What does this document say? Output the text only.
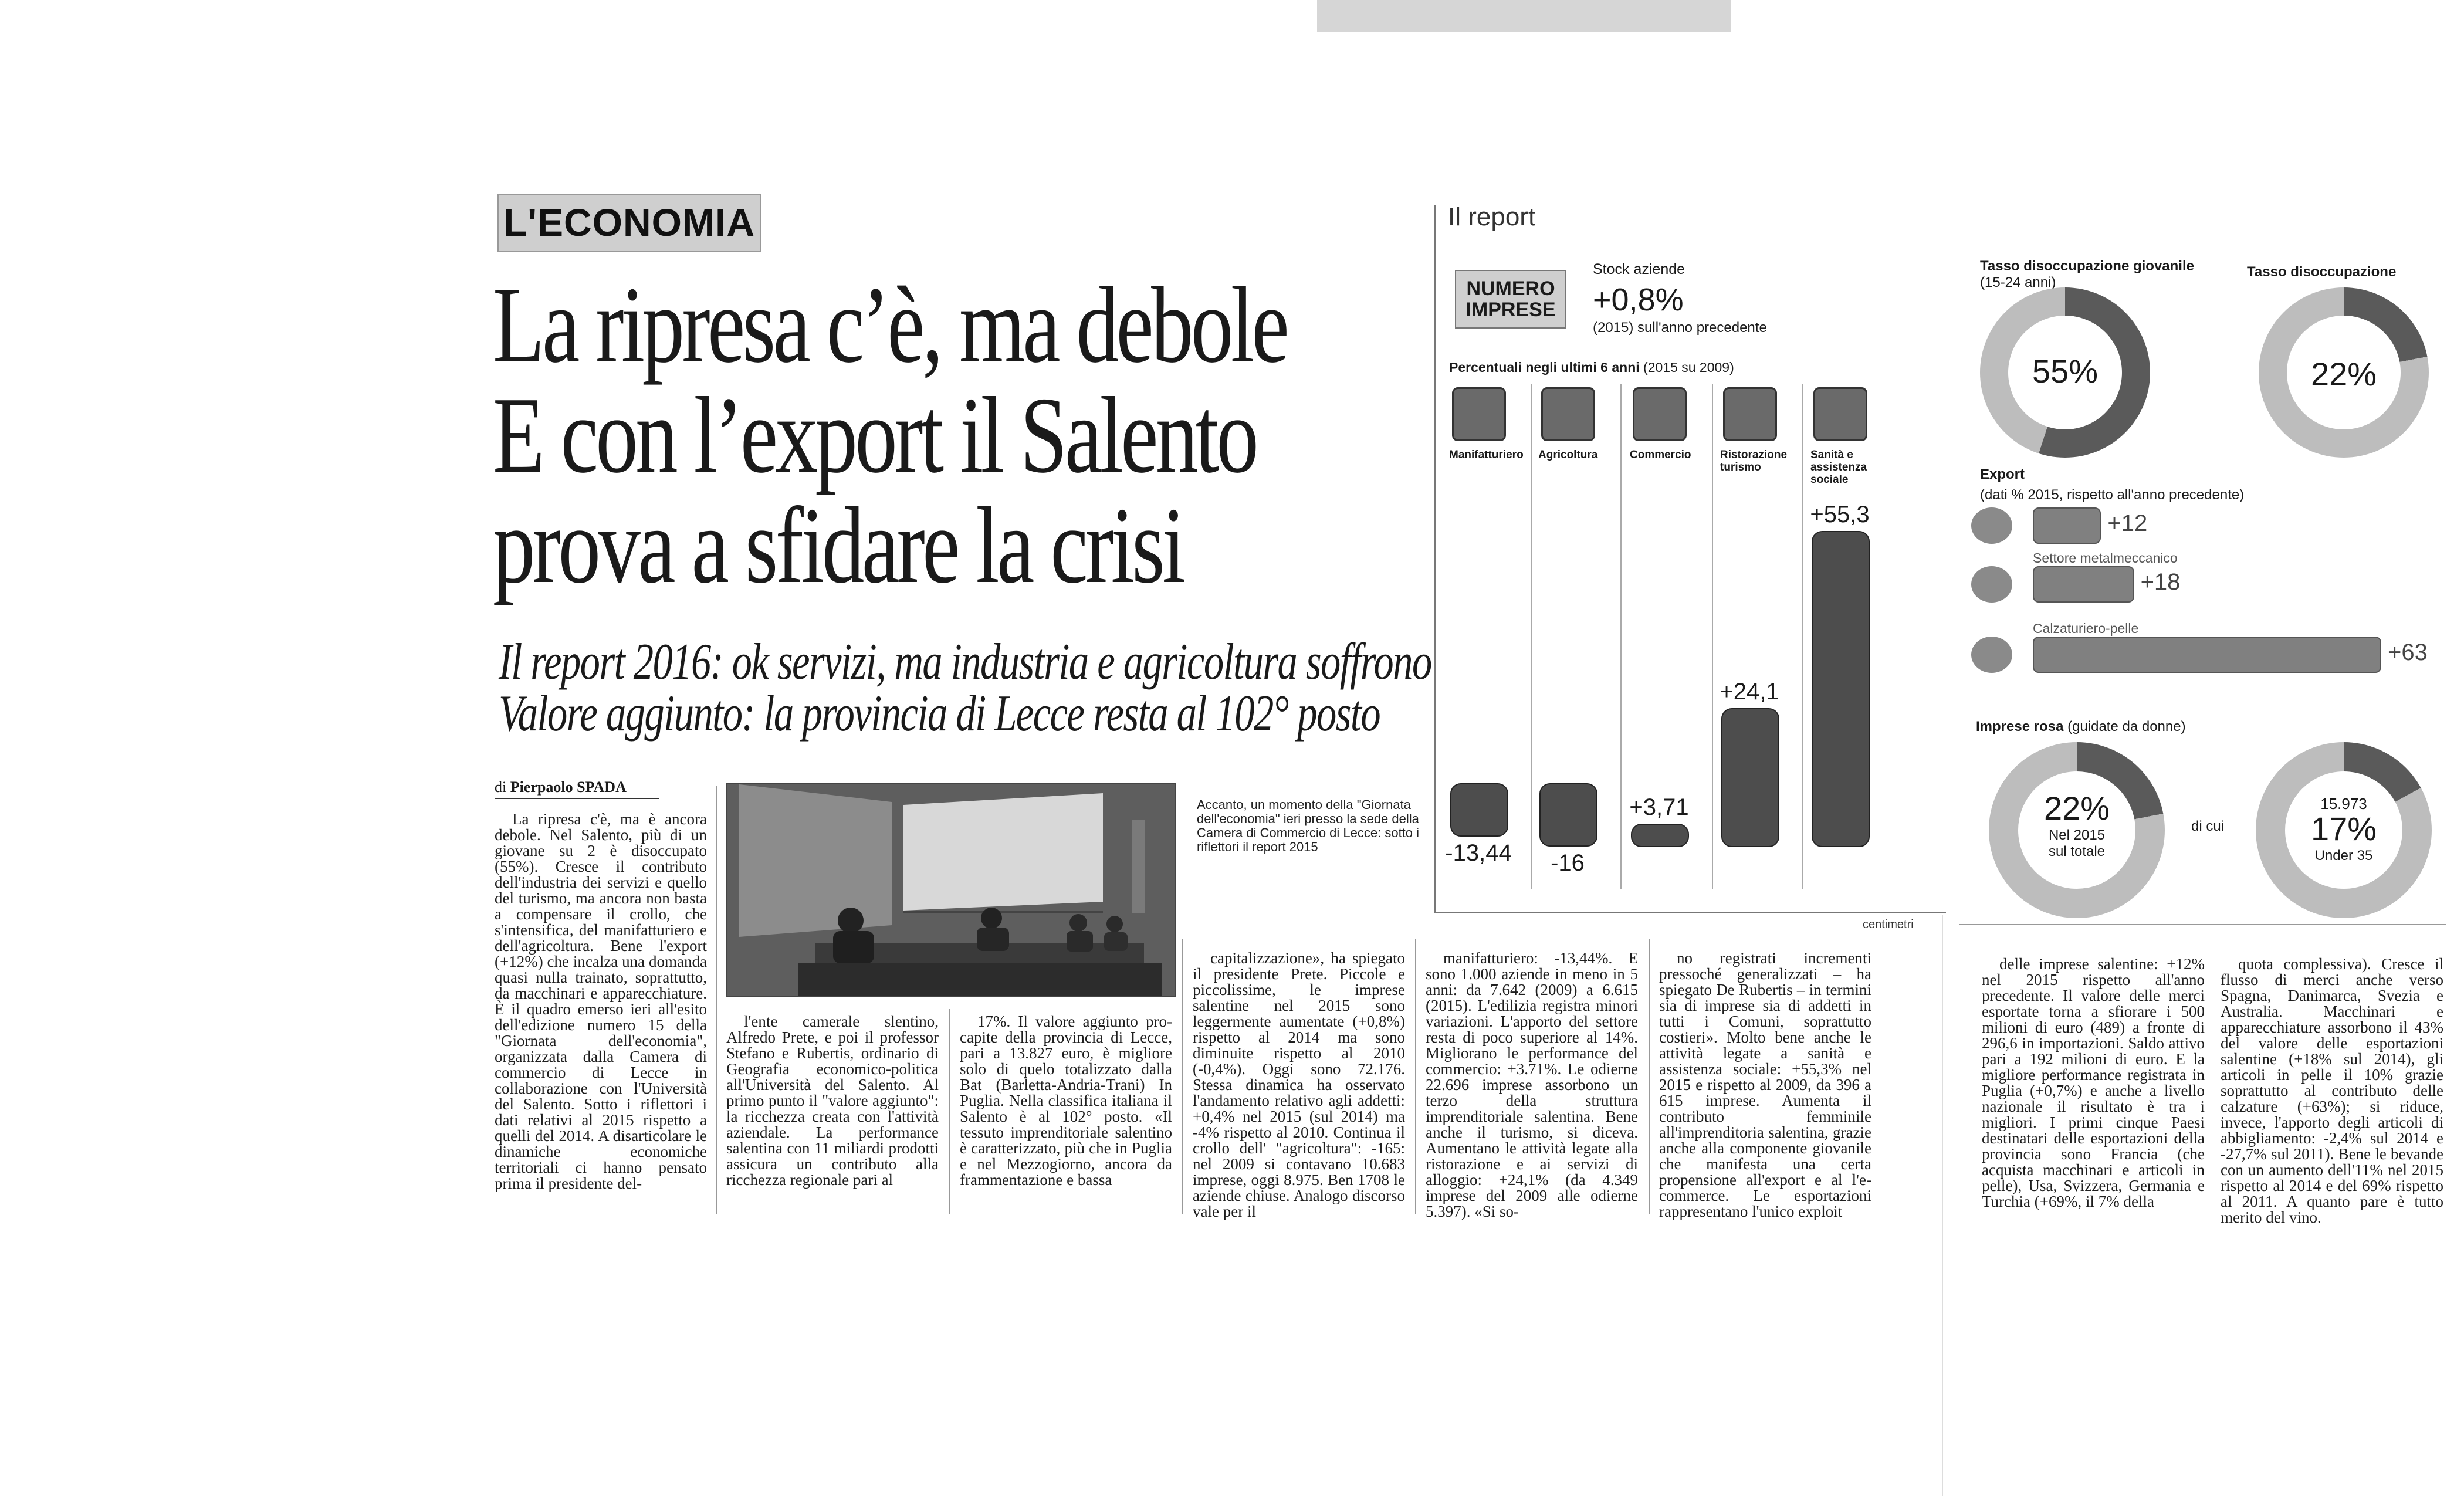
L'ECONOMIA
La ripresa c’è, ma debole
E con l’export il Salento
prova a sfidare la crisi
Il report 2016: ok servizi, ma industria e agricoltura soffrono
Valore aggiunto: la provincia di Lecce resta al 102° posto
di Pierpaolo SPADA
Accanto, un momento della "Giornata dell'economia" ieri presso la sede della Camera di Commercio di Lecce: sotto i riflettori il report 2015

La ripresa c'è, ma è ancora debole. Nel Salento, più di un giovane su 2 è disoccupato (55%). Cresce il contributo dell'industria dei servizi e quello del turismo, ma ancora non basta a compensare il crollo, che s'intensifica, del manifatturiero e dell'agricoltura. Bene l'export (+12%) che incalza una domanda quasi nulla trainato, soprattutto, da macchinari e apparecchiature. È il quadro emerso ieri all'esito dell'edizione numero 15 della "Giornata dell'economia", organizzata dalla Camera di commercio di Lecce in collaborazione con l'Università del Salento. Sotto i riflettori i dati relativi al 2015 rispetto a quelli del 2014. A disarticolare le dinamiche economiche territoriali ci hanno pensato prima il presidente del-

l'ente camerale slentino, Alfredo Prete, e poi il professor Stefano e Rubertis, ordinario di Geografia economico-politica all'Università del Salento. Al primo punto il "valore aggiunto": la ricchezza creata con l'attività aziendale. La performance salentina con 11 miliardi prodotti assicura un contributo alla ricchezza regionale pari al

17%. Il valore aggiunto pro-capite della provincia di Lecce, pari a 13.827 euro, è migliore solo di quelo totalizzato dalla Bat (Barletta-Andria-Trani) In Puglia. Nella classifica italiana il Salento è al 102° posto. «Il tessuto imprenditoriale salentino è caratterizzato, più che in Puglia e nel Mezzogiorno, ancora da frammentazione e bassa

capitalizzazione», ha spiegato il presidente Prete. Piccole e piccolissime, le imprese salentine nel 2015 sono leggermente aumentate (+0,8%) rispetto al 2014 ma sono diminuite rispetto al 2010 (-0,4%). Oggi sono 72.176. Stessa dinamica ha osservato l'andamento relativo agli addetti: +0,4% nel 2015 (sul 2014) ma -4% rispetto al 2010. Continua il crollo dell' "agricoltura": -165: nel 2009 si contavano 10.683 imprese, oggi 8.975. Ben 1708 le aziende chiuse. Analogo discorso vale per il

manifatturiero: -13,44%. E sono 1.000 aziende in meno in 5 anni: da 7.642 (2009) a 6.615 (2015). L'edilizia registra minori variazioni. L'apporto del settore resta di poco superiore al 14%. Migliorano le performance del commercio: +3.71%. Le odierne 22.696 imprese assorbono un terzo della struttura imprenditoriale salentina. Bene anche il turismo, si diceva. Aumentano le attività legate alla ristorazione e ai servizi di alloggio: +24,1% (da 4.349 imprese del 2009 alle odierne 5.397). «Si so-

no registrati incrementi pressoché generalizzati – ha spiegato De Rubertis – in termini sia di imprese sia di addetti in tutti i Comuni, soprattutto costieri». Molto bene anche le attività legate a sanità e assistenza sociale: +55,3% nel 2015 e rispetto al 2009, da 396 a 615 imprese. Aumenta il contributo femminile all'imprenditoria salentina, grazie anche alla componente giovanile che manifesta una certa propensione all'export e al l'e-commerce. Le esportazioni rappresentano l'unico exploit

delle imprese salentine: +12% nel 2015 rispetto all'anno precedente. Il valore delle merci esportate torna a sfiorare i 500 milioni di euro (489) a fronte di 296,6 in importazioni. Saldo attivo pari a 192 milioni di euro. E la migliore performance registrata in Puglia (+0,7%) e anche a livello nazionale il risultato è tra i migliori. I primi cinque Paesi destinatari delle esportazioni della provincia sono Francia (che acquista macchinari e articoli in pelle), Usa, Svizzera, Germania e Turchia (+69%, il 7% della

quota complessiva). Cresce il flusso di merci anche verso Spagna, Danimarca, Svezia e Australia. Macchinari e apparecchiature assorbono il 43% del valore delle esportazioni salentine (+18% sul 2014), gli articoli in pelle il 10% grazie soprattutto al contributo delle calzature (+63%); si riduce, invece, l'apporto degli articoli di abbigliamento: -2,4% sul 2014 e -27,7% sul 2011). Bene le bevande con un aumento dell'11% nel 2015 rispetto al 2014 e del 69% rispetto al 2011. A quanto pare è tutto merito del vino.

Il report
NUMERO
IMPRESE
Stock aziende
+0,8%
(2015) sull'anno precedente
Percentuali negli ultimi 6 anni (2015 su 2009)
Manifatturiero
-13,44
Agricoltura
-16
Commercio
+3,71
Ristorazione
turismo
+24,1
Sanità e
assistenza
sociale
+55,3
centimetri
Tasso disoccupazione giovanile
(15-24 anni)
Tasso disoccupazione
55%	22%
Export
(dati % 2015, rispetto all'anno precedente)
+12
Settore metalmeccanico
+18
Calzaturiero-pelle
+63
Imprese rosa (guidate da donne)
22%
Nel 2015
sul totale
di cui
15.973
17%
Under 35
